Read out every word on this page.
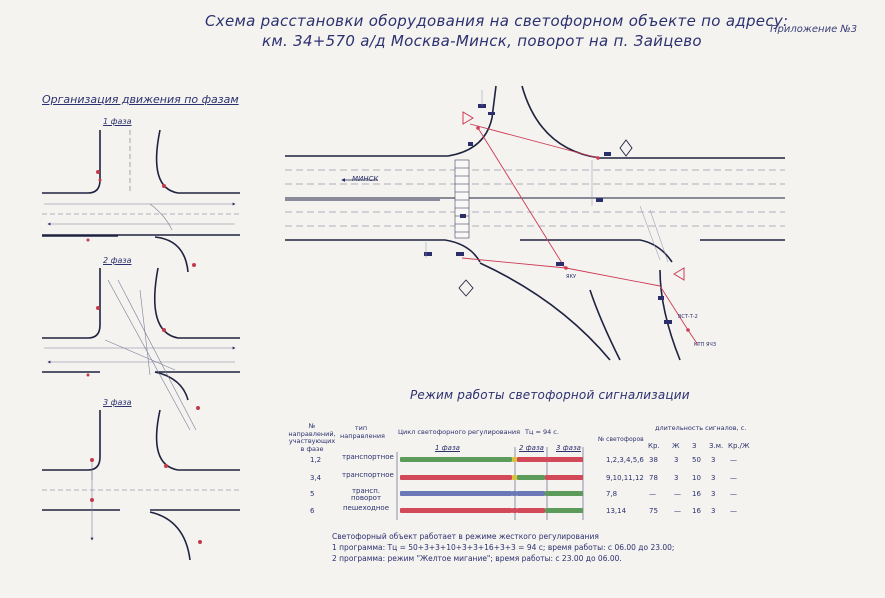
Схема расстановки оборудования на светофорном объекте по адресу:
км. 34+570 а/д Москва-Минск, поворот на п. Зайцево
Приложение №3
Организация движения по фазам
Режим работы светофорной сигнализации
1 фаза
2 фаза
3 фаза
МИНСК
ЯКУ
ВСТ-Т-2
КТП ЯЧЗ
№ направлений, участвующих в фазе
тип направления Цикл светофорного регулирования Тц = 94 с.
№ светофоров
длительность сигналов, с.
1 фаза	2 фаза 3 фаза	Кр. Ж З З.м. Кр./Ж
1,2	транспортное	1,2,3,4,5,6 38 3 50 3 —
3,4	транспортное	9,10,11,12 78 3 10 3 —
5	трансп. поворот	7,8	—	— 16 3 —
6	пешеходное	13,14	75 — 16 3 —
Светофорный объект работает в режиме жесткого регулирования
1 программа: Тц = 50+3+3+10+3+3+16+3+3 = 94 с; время работы: с 06.00 до 23.00;
2 программа: режим "Желтое мигание"; время работы: с 23.00 до 06.00.
